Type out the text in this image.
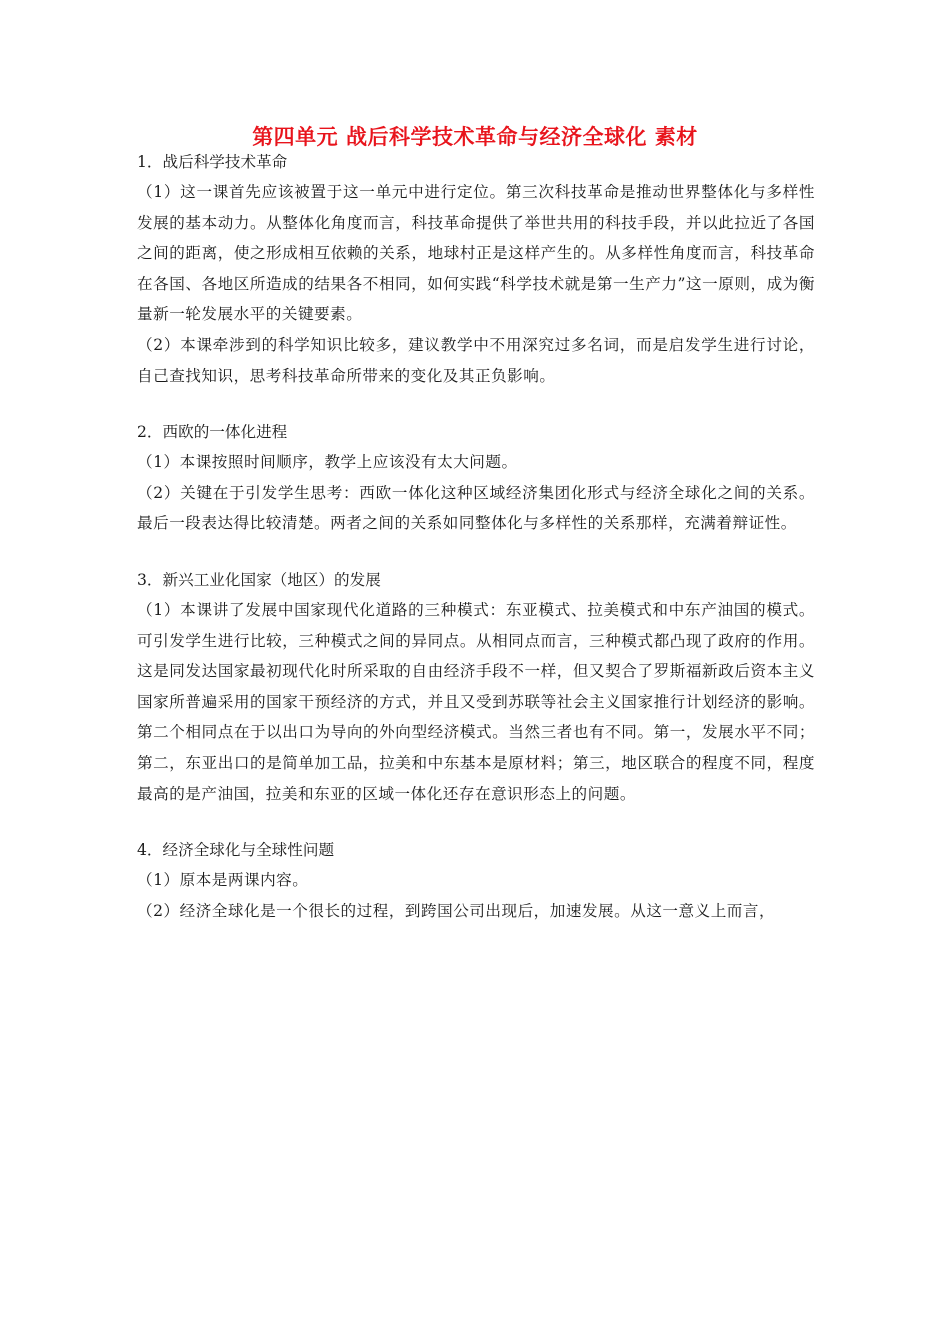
第四单元 战后科学技术革命与经济全球化 素材

1．战后科学技术革命

（1）这一课首先应该被置于这一单元中进行定位。第三次科技革命是推动世界整体化与多样性发展的基本动力。从整体化角度而言，科技革命提供了举世共用的科技手段，并以此拉近了各国之间的距离，使之形成相互依赖的关系，地球村正是这样产生的。从多样性角度而言，科技革命在各国、各地区所造成的结果各不相同，如何实践“科学技术就是第一生产力”这一原则，成为衡量新一轮发展水平的关键要素。

（2）本课牵涉到的科学知识比较多，建议教学中不用深究过多名词，而是启发学生进行讨论，自己查找知识，思考科技革命所带来的变化及其正负影响。

2．西欧的一体化进程

（1）本课按照时间顺序，教学上应该没有太大问题。

（2）关键在于引发学生思考：西欧一体化这种区域经济集团化形式与经济全球化之间的关系。最后一段表达得比较清楚。两者之间的关系如同整体化与多样性的关系那样，充满着辩证性。

3．新兴工业化国家（地区）的发展

（1）本课讲了发展中国家现代化道路的三种模式：东亚模式、拉美模式和中东产油国的模式。可引发学生进行比较，三种模式之间的异同点。从相同点而言，三种模式都凸现了政府的作用。这是同发达国家最初现代化时所采取的自由经济手段不一样，但又契合了罗斯福新政后资本主义国家所普遍采用的国家干预经济的方式，并且又受到苏联等社会主义国家推行计划经济的影响。第二个相同点在于以出口为导向的外向型经济模式。当然三者也有不同。第一，发展水平不同；第二，东亚出口的是简单加工品，拉美和中东基本是原材料；第三，地区联合的程度不同，程度最高的是产油国，拉美和东亚的区域一体化还存在意识形态上的问题。

4．经济全球化与全球性问题

（1）原本是两课内容。

（2）经济全球化是一个很长的过程，到跨国公司出现后，加速发展。从这一意义上而言，
